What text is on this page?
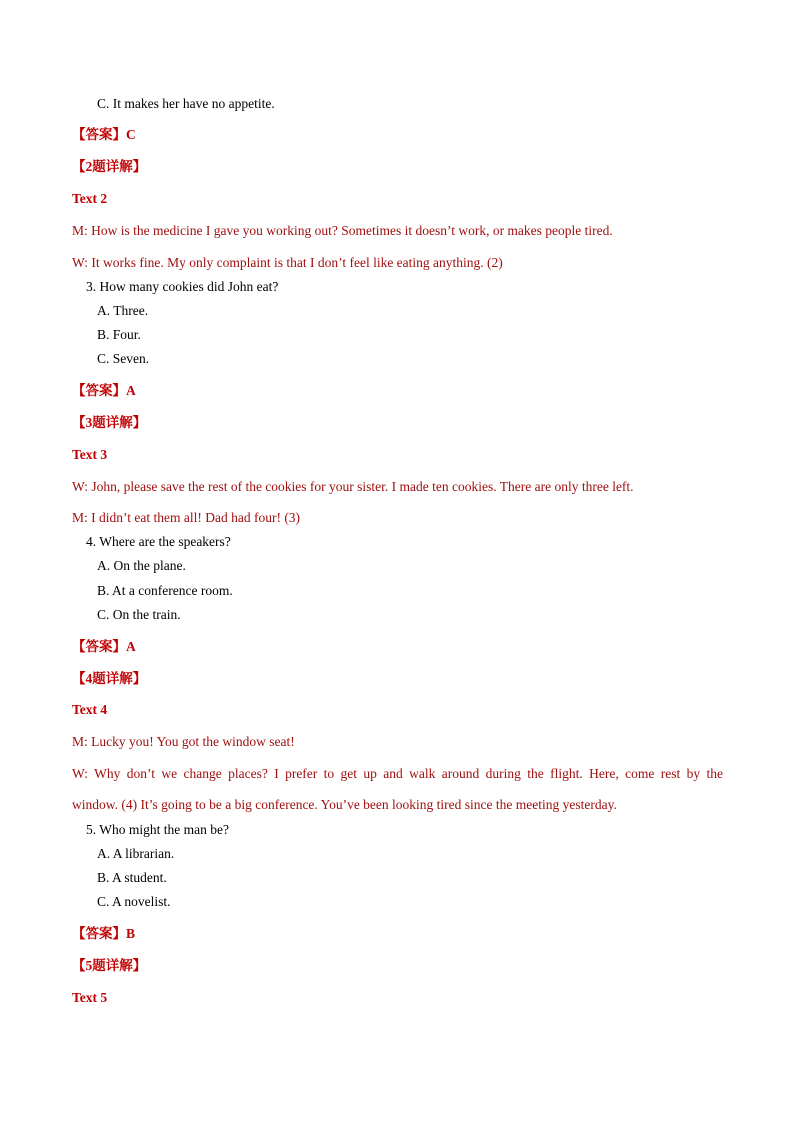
C. It makes her have no appetite.
【答案】C
【2题详解】
Text 2
M: How is the medicine I gave you working out? Sometimes it doesn’t work, or makes people tired.
W: It works fine. My only complaint is that I don’t feel like eating anything. (2)
3. How many cookies did John eat?
A. Three.
B. Four.
C. Seven.
【答案】A
【3题详解】
Text 3
W: John, please save the rest of the cookies for your sister. I made ten cookies. There are only three left.
M: I didn’t eat them all! Dad had four! (3)
4. Where are the speakers?
A. On the plane.
B. At a conference room.
C. On the train.
【答案】A
【4题详解】
Text 4
M: Lucky you! You got the window seat!
W: Why don’t we change places? I prefer to get up and walk around during the flight. Here, come rest by the
window. (4) It’s going to be a big conference. You’ve been looking tired since the meeting yesterday.
5. Who might the man be?
A. A librarian.
B. A student.
C. A novelist.
【答案】B
【5题详解】
Text 5
